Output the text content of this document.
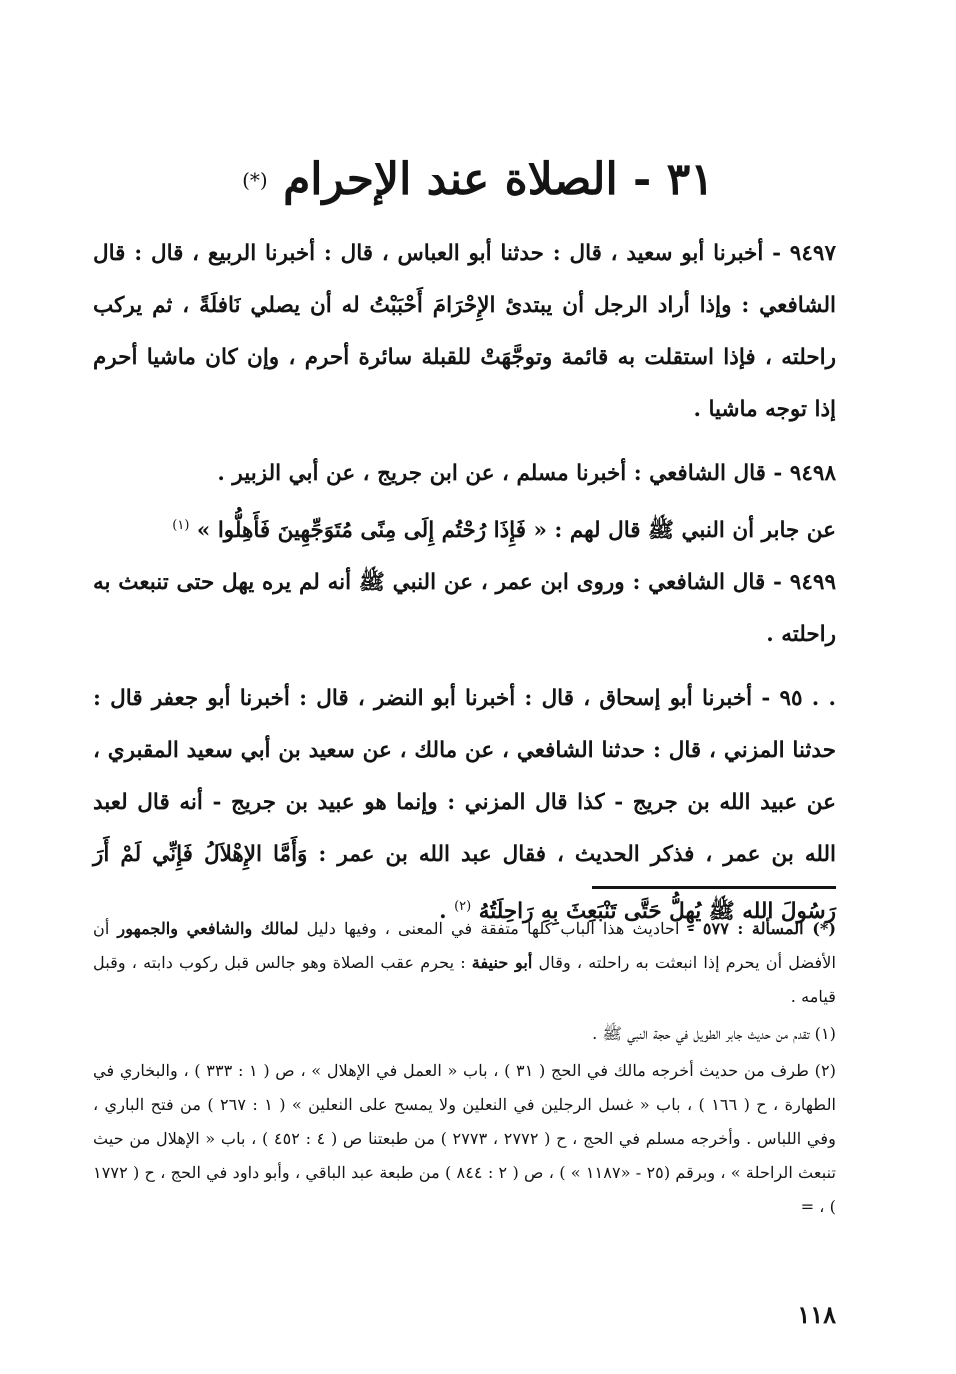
٣١ - الصلاة عند الإحرام (*)

٩٤٩٧ - أخبرنا أبو سعيد ، قال : حدثنا أبو العباس ، قال : أخبرنا الربيع ، قال : قال الشافعي : وإذا أراد الرجل أن يبتدئ الإِحْرَامَ أَحْبَبْتُ له أن يصلي نَافلَةً ، ثم يركب راحلته ، فإذا استقلت به قائمة وتوجَّهَتْ للقبلة سائرة أحرم ، وإن كان ماشيا أحرم إذا توجه ماشيا .

٩٤٩٨ - قال الشافعي : أخبرنا مسلم ، عن ابن جريج ، عن أبي الزبير .

عن جابر أن النبي ﷺ قال لهم : « فَإِذَا رُحْتُم إِلَى مِنًى مُتَوَجِّهِينَ فَأَهِلُّوا » $^{(١)}$

٩٤٩٩ - قال الشافعي : وروى ابن عمر ، عن النبي ﷺ أنه لم يره يهل حتى تنبعث به راحلته .

. . ٩٥ - أخبرنا أبو إسحاق ، قال : أخبرنا أبو النضر ، قال : أخبرنا أبو جعفر قال : حدثنا المزني ، قال : حدثنا الشافعي ، عن مالك ، عن سعيد بن أبي سعيد المقبري ، عن عبيد الله بن جريج - كذا قال المزني : وإنما هو عبيد بن جريج - أنه قال لعبد الله بن عمر ، فذكر الحديث ، فقال عبد الله بن عمر : وَأَمَّا الإِهْلاَلُ فَإِنِّي لَمْ أَرَ رَسُولَ الله ﷺ يُهِلُّ حَتَّى تَنْبَعِثَ بِهِ رَاحِلَتُهُ $^{(٢)}$ .

(*) المسألة : ٥٧٧ - أحاديث هذا الباب كلها متفقة في المعنى ، وفيها دليل لمالك والشافعي والجمهور أن الأفضل أن يحرم إذا انبعثت به راحلته ، وقال أبو حنيفة : يحرم عقب الصلاة وهو جالس قبل ركوب دابته ، وقبل قيامه .

(١) تقدم من حديث جابر الطويل في حجة النبي ﷺ .

(٢) طرف من حديث أخرجه مالك في الحج ( ٣١ ) ، باب « العمل في الإهلال » ، ص ( ١ : ٣٣٣ ) ، والبخاري في الطهارة ، ح ( ١٦٦ ) ، باب « غسل الرجلين في النعلين ولا يمسح على النعلين » ( ١ : ٢٦٧ ) من فتح الباري ، وفي اللباس . وأخرجه مسلم في الحج ، ح ( ٢٧٧٢ ، ٢٧٧٣ ) من طبعتنا ص ( ٤ : ٤٥٢ ) ، باب « الإهلال من حيث تنبعث الراحلة » ، وبرقم (٢٥ - «١١٨٧ » ) ، ص ( ٢ : ٨٤٤ ) من طبعة عبد الباقي ، وأبو داود في الحج ، ح ( ١٧٧٢ ) ، =

١١٨
